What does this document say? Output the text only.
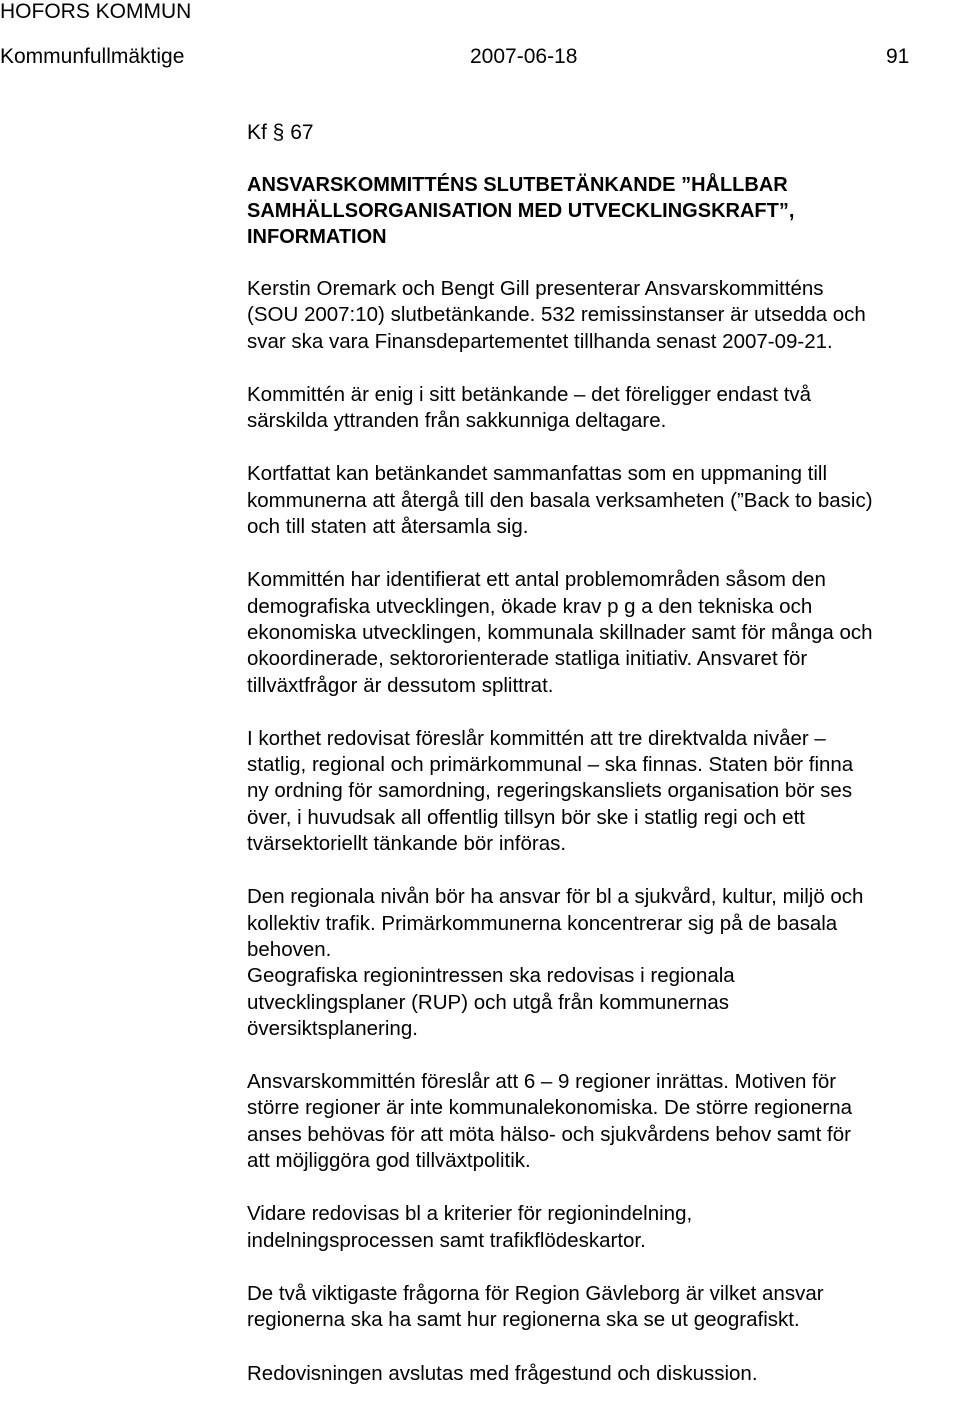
HOFORS KOMMUN
Kommunfullmäktige	2007-06-18	91
Kf § 67
ANSVARSKOMMITTÉNS SLUTBETÄNKANDE ”HÅLLBAR
SAMHÄLLSORGANISATION MED UTVECKLINGSKRAFT”,
INFORMATION
Kerstin Oremark och Bengt Gill presenterar Ansvarskommitténs
(SOU 2007:10) slutbetänkande. 532 remissinstanser är utsedda och
svar ska vara Finansdepartementet tillhanda senast 2007-09-21.
Kommittén är enig i sitt betänkande – det föreligger endast två
särskilda yttranden från sakkunniga deltagare.
Kortfattat kan betänkandet sammanfattas som en uppmaning till
kommunerna att återgå till den basala verksamheten (”Back to basic)
och till staten att återsamla sig.
Kommittén har identifierat ett antal problemområden såsom den
demografiska utvecklingen, ökade krav p g a den tekniska och
ekonomiska utvecklingen, kommunala skillnader samt för många och
okoordinerade, sektororienterade statliga initiativ. Ansvaret för
tillväxtfrågor är dessutom splittrat.
I korthet redovisat föreslår kommittén att tre direktvalda nivåer –
statlig, regional och primärkommunal – ska finnas. Staten bör finna
ny ordning för samordning, regeringskansliets organisation bör ses
över, i huvudsak all offentlig tillsyn bör ske i statlig regi och ett
tvärsektoriellt tänkande bör införas.
Den regionala nivån bör ha ansvar för bl a sjukvård, kultur, miljö och
kollektiv trafik. Primärkommunerna koncentrerar sig på de basala
behoven.
Geografiska regionintressen ska redovisas i regionala
utvecklingsplaner (RUP) och utgå från kommunernas
översiktsplanering.
Ansvarskommittén föreslår att 6 – 9 regioner inrättas. Motiven för
större regioner är inte kommunalekonomiska. De större regionerna
anses behövas för att möta hälso- och sjukvårdens behov samt för
att möjliggöra god tillväxtpolitik.
Vidare redovisas bl a kriterier för regionindelning,
indelningsprocessen samt trafikflödeskartor.
De två viktigaste frågorna för Region Gävleborg är vilket ansvar
regionerna ska ha samt hur regionerna ska se ut geografiskt.
Redovisningen avslutas med frågestund och diskussion.
